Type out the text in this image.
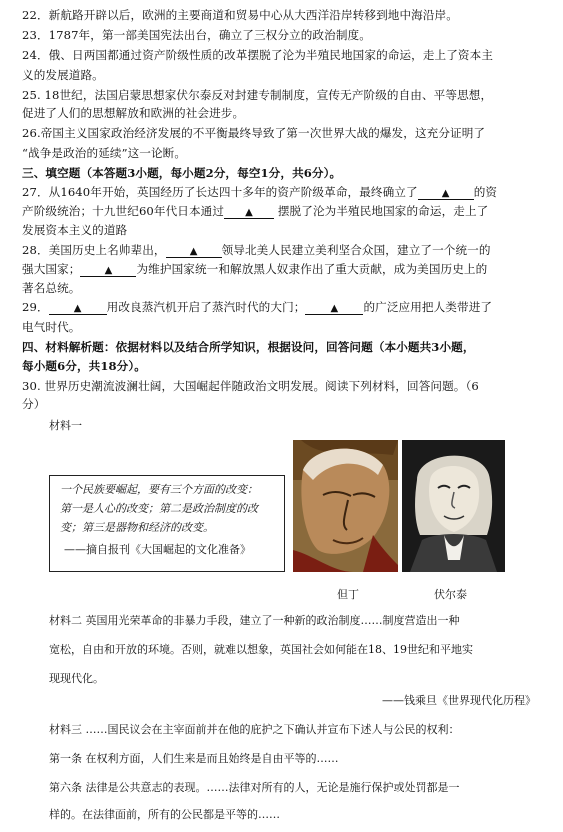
22．新航路开辟以后，欧洲的主要商道和贸易中心从大西洋沿岸转移到地中海沿岸。
23．1787年，第一部美国宪法出台，确立了三权分立的政治制度。
24．俄、日两国都通过资产阶级性质的改革摆脱了沦为半殖民地国家的命运，走上了资本主
义的发展道路。
25. 18世纪，法国启蒙思想家伏尔泰反对封建专制制度，宣传无产阶级的自由、平等思想，
促进了人们的思想解放和欧洲的社会进步。
26.帝国主义国家政治经济发展的不平衡最终导致了第一次世界大战的爆发，这充分证明了
“战争是政治的延续”这一论断。
三、填空题（本答题3小题，每小题2分，每空1分，共6分）。
27．从1640年开始，英国经历了长达四十多年的资产阶级革命，最终确立了 ▲ 的资
产阶级统治；十九世纪60年代日本通过 ▲ 摆脱了沦为半殖民地国家的命运，走上了
发展资本主义的道路
28．美国历史上名帅辈出， ▲ 领导北美人民建立美利坚合众国，建立了一个统一的
强大国家； ▲ 为维护国家统一和解放黑人奴隶作出了重大贡献，成为美国历史上的
著名总统。
29．	▲ 用改良蒸汽机开启了蒸汽时代的大门；	▲ 的广泛应用把人类带进了
电气时代。
四、材料解析题：依据材料以及结合所学知识，根据设问，回答问题（本小题共3小题，
每小题6分，共18分）。
30. 世界历史潮流波澜壮阔，大国崛起伴随政治文明发展。阅读下列材料，回答问题。（6
分）
材料一
一个民族要崛起，要有三个方面的改变：
第一是人心的改变；第二是政治制度的改
变；第三是器物和经济的改变。
——摘自报刊《大国崛起的文化准备》
但丁	伏尔泰
材料二 英国用光荣革命的非暴力手段，建立了一种新的政治制度……制度营造出一种
宽松，自由和开放的环境。否则，就难以想象，英国社会如何能在18、19世纪和平地实
现现代化。
——钱乘旦《世界现代化历程》
材料三 ……国民议会在主宰面前并在他的庇护之下确认并宣布下述人与公民的权利：
第一条 在权利方面，人们生来是而且始终是自由平等的……
第六条 法律是公共意志的表现。……法律对所有的人，无论是施行保护或处罚都是一
样的。在法律面前，所有的公民都是平等的……
